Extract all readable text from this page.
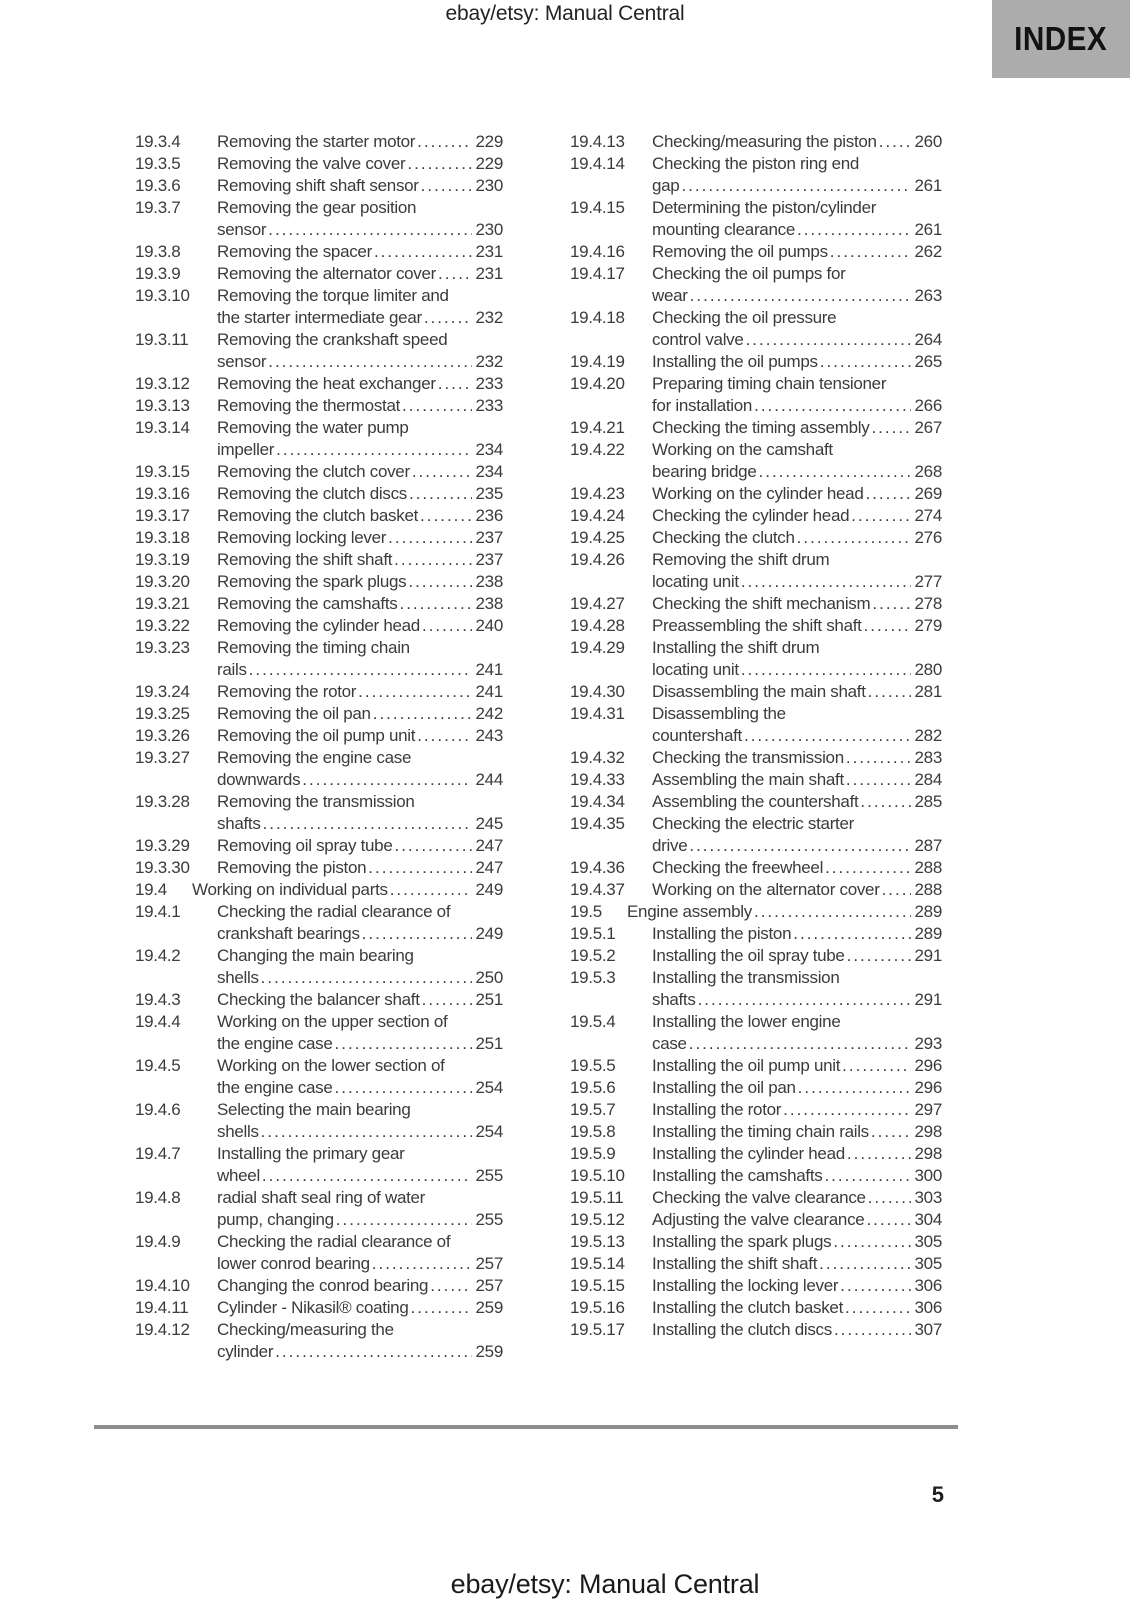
ebay/etsy: Manual Central
INDEX
19.3.4	Removing the starter motor .....	229
19.3.5	Removing the valve cover .....	229
19.3.6	Removing shift shaft sensor .....	230
19.3.7	Removing the gear position
sensor .....	230
19.3.8	Removing the spacer .....	231
19.3.9	Removing the alternator cover ..... 231
19.3.10	Removing the torque limiter and
the starter intermediate gear .....	232
19.3.11	Removing the crankshaft speed
sensor .....	232
19.3.12	Removing the heat exchanger ..... 233
19.3.13	Removing the thermostat .....	233
19.3.14	Removing the water pump
impeller .....	234
19.3.15	Removing the clutch cover .....	234
19.3.16	Removing the clutch discs .....	235
19.3.17	Removing the clutch basket .....	236
19.3.18	Removing locking lever .....	237
19.3.19	Removing the shift shaft .....	237
19.3.20	Removing the spark plugs .....	238
19.3.21	Removing the camshafts .....	238
19.3.22	Removing the cylinder head .....	240
19.3.23	Removing the timing chain
rails .....	241
19.3.24	Removing the rotor .....	241
19.3.25	Removing the oil pan .....	242
19.3.26	Removing the oil pump unit .....	243
19.3.27	Removing the engine case
downwards .....	244
19.3.28	Removing the transmission
shafts .....	245
19.3.29	Removing oil spray tube .....	247
19.3.30	Removing the piston .....	247
19.4	Working on individual parts .....	249
19.4.1	Checking the radial clearance of
crankshaft bearings .....	249
19.4.2	Changing the main bearing
shells .....	250
19.4.3	Checking the balancer shaft .....	251
19.4.4	Working on the upper section of
the engine case .....	251
19.4.5	Working on the lower section of
the engine case .....	254
19.4.6	Selecting the main bearing
shells .....	254
19.4.7	Installing the primary gear
wheel .....	255
19.4.8	radial shaft seal ring of water
pump, changing .....	255
19.4.9	Checking the radial clearance of
lower conrod bearing .....	257
19.4.10	Changing the conrod bearing .....	257
19.4.11	Cylinder - Nikasil® coating .....	259
19.4.12	Checking/measuring the
cylinder .....	259
19.4.13	Checking/measuring the piston ..... 260
19.4.14	Checking the piston ring end
gap .....	261
19.4.15	Determining the piston/cylinder
mounting clearance .....	261
19.4.16	Removing the oil pumps .....	262
19.4.17	Checking the oil pumps for
wear .....	263
19.4.18	Checking the oil pressure
control valve .....	264
19.4.19	Installing the oil pumps .....	265
19.4.20	Preparing timing chain tensioner
for installation .....	266
19.4.21	Checking the timing assembly .....	267
19.4.22	Working on the camshaft
bearing bridge .....	268
19.4.23	Working on the cylinder head .....	269
19.4.24	Checking the cylinder head .....	274
19.4.25	Checking the clutch .....	276
19.4.26	Removing the shift drum
locating unit .....	277
19.4.27	Checking the shift mechanism .....	278
19.4.28	Preassembling the shift shaft .....	279
19.4.29	Installing the shift drum
locating unit .....	280
19.4.30	Disassembling the main shaft .....	281
19.4.31	Disassembling the
countershaft .....	282
19.4.32	Checking the transmission .....	283
19.4.33	Assembling the main shaft .....	284
19.4.34	Assembling the countershaft .....	285
19.4.35	Checking the electric starter
drive .....	287
19.4.36	Checking the freewheel .....	288
19.4.37	Working on the alternator cover ..... 288
19.5	Engine assembly .....	289
19.5.1	Installing the piston .....	289
19.5.2	Installing the oil spray tube .....	291
19.5.3	Installing the transmission
shafts .....	291
19.5.4	Installing the lower engine
case .....	293
19.5.5	Installing the oil pump unit .....	296
19.5.6	Installing the oil pan .....	296
19.5.7	Installing the rotor .....	297
19.5.8	Installing the timing chain rails .....	298
19.5.9	Installing the cylinder head .....	298
19.5.10	Installing the camshafts .....	300
19.5.11	Checking the valve clearance .....	303
19.5.12	Adjusting the valve clearance .....	304
19.5.13	Installing the spark plugs .....	305
19.5.14	Installing the shift shaft .....	305
19.5.15	Installing the locking lever .....	306
19.5.16	Installing the clutch basket .....	306
19.5.17	Installing the clutch discs .....	307
5
ebay/etsy: Manual Central
